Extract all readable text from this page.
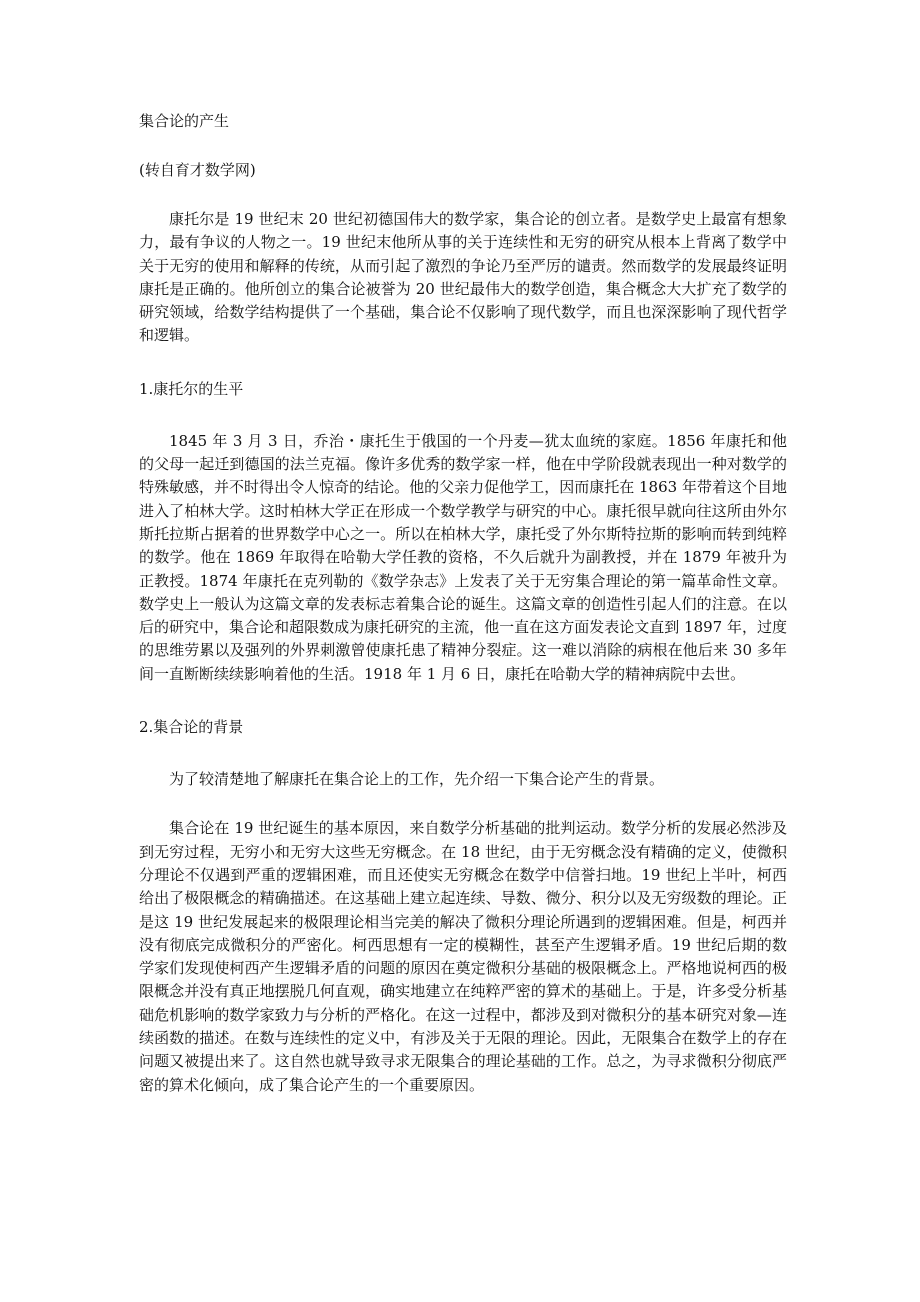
集合论的产生

(转自育才数学网)

康托尔是 19 世纪末 20 世纪初德国伟大的数学家，集合论的创立者。是数学史上最富有想象力，最有争议的人物之一。19 世纪末他所从事的关于连续性和无穷的研究从根本上背离了数学中关于无穷的使用和解释的传统，从而引起了激烈的争论乃至严厉的谴责。然而数学的发展最终证明康托是正确的。他所创立的集合论被誉为 20 世纪最伟大的数学创造，集合概念大大扩充了数学的研究领域，给数学结构提供了一个基础，集合论不仅影响了现代数学，而且也深深影响了现代哲学和逻辑。

1.康托尔的生平

1845 年 3 月 3 日，乔治・康托生于俄国的一个丹麦—犹太血统的家庭。1856 年康托和他的父母一起迁到德国的法兰克福。像许多优秀的数学家一样，他在中学阶段就表现出一种对数学的特殊敏感，并不时得出令人惊奇的结论。他的父亲力促他学工，因而康托在 1863 年带着这个目地进入了柏林大学。这时柏林大学正在形成一个数学教学与研究的中心。康托很早就向往这所由外尔斯托拉斯占据着的世界数学中心之一。所以在柏林大学，康托受了外尔斯特拉斯的影响而转到纯粹的数学。他在 1869 年取得在哈勒大学任教的资格，不久后就升为副教授，并在 1879 年被升为正教授。1874 年康托在克列勒的《数学杂志》上发表了关于无穷集合理论的第一篇革命性文章。数学史上一般认为这篇文章的发表标志着集合论的诞生。这篇文章的创造性引起人们的注意。在以后的研究中，集合论和超限数成为康托研究的主流，他一直在这方面发表论文直到 1897 年，过度的思维劳累以及强列的外界刺激曾使康托患了精神分裂症。这一难以消除的病根在他后来 30 多年间一直断断续续影响着他的生活。1918 年 1 月 6 日，康托在哈勒大学的精神病院中去世。

2.集合论的背景

为了较清楚地了解康托在集合论上的工作，先介绍一下集合论产生的背景。

集合论在 19 世纪诞生的基本原因，来自数学分析基础的批判运动。数学分析的发展必然涉及到无穷过程，无穷小和无穷大这些无穷概念。在 18 世纪，由于无穷概念没有精确的定义，使微积分理论不仅遇到严重的逻辑困难，而且还使实无穷概念在数学中信誉扫地。19 世纪上半叶，柯西给出了极限概念的精确描述。在这基础上建立起连续、导数、微分、积分以及无穷级数的理论。正是这 19 世纪发展起来的极限理论相当完美的解决了微积分理论所遇到的逻辑困难。但是，柯西并没有彻底完成微积分的严密化。柯西思想有一定的模糊性，甚至产生逻辑矛盾。19 世纪后期的数学家们发现使柯西产生逻辑矛盾的问题的原因在奠定微积分基础的极限概念上。严格地说柯西的极限概念并没有真正地摆脱几何直观，确实地建立在纯粹严密的算术的基础上。于是，许多受分析基础危机影响的数学家致力与分析的严格化。在这一过程中，都涉及到对微积分的基本研究对象—连续函数的描述。在数与连续性的定义中，有涉及关于无限的理论。因此，无限集合在数学上的存在问题又被提出来了。这自然也就导致寻求无限集合的理论基础的工作。总之，为寻求微积分彻底严密的算术化倾向，成了集合论产生的一个重要原因。
